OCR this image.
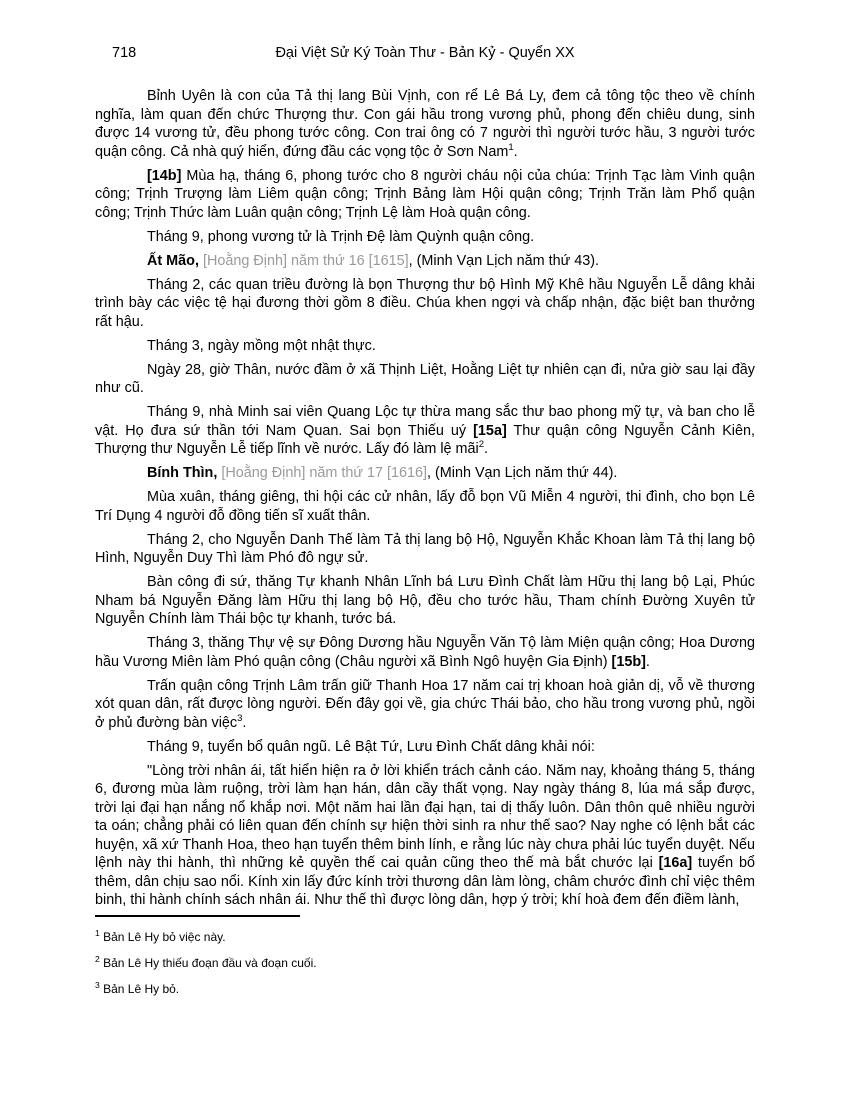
718	Đại Việt Sử Ký Toàn Thư - Bản Kỷ - Quyển XX

Bỉnh Uyên là con của Tả thị lang Bùi Vịnh, con rể Lê Bá Ly, đem cả tông tộc theo về chính nghĩa, làm quan đến chức Thượng thư. Con gái hầu trong vương phủ, phong đến chiêu dung, sinh được 14 vương tử, đều phong tước công. Con trai ông có 7 người thì người tước hầu, 3 người tước quận công. Cả nhà quý hiển, đứng đầu các vọng tộc ở Sơn Nam$^1$.

[14b] Mùa hạ, tháng 6, phong tước cho 8 người cháu nội của chúa: Trịnh Tạc làm Vinh quận công; Trịnh Trượng làm Liêm quận công; Trịnh Bảng làm Hội quận công; Trịnh Trăn làm Phổ quận công; Trịnh Thức làm Luân quận công; Trịnh Lệ làm Hoà quận công.

Tháng 9, phong vương tử là Trịnh Đệ làm Quỳnh quận công.

Ất Mão, [Hoằng Định] năm thứ 16 [1615], (Minh Vạn Lịch năm thứ 43).

Tháng 2, các quan triều đường là bọn Thượng thư bộ Hình Mỹ Khê hầu Nguyễn Lễ dâng khải trình bày các việc tệ hại đương thời gồm 8 điều. Chúa khen ngợi và chấp nhận, đặc biệt ban thưởng rất hậu.

Tháng 3, ngày mồng một nhật thực.

Ngày 28, giờ Thân, nước đầm ở xã Thịnh Liệt, Hoằng Liệt tự nhiên cạn đi, nửa giờ sau lại đầy như cũ.

Tháng 9, nhà Minh sai viên Quang Lộc tự thừa mang sắc thư bao phong mỹ tự, và ban cho lễ vật. Họ đưa sứ thần tới Nam Quan. Sai bọn Thiếu uý [15a] Thư quận công Nguyễn Cảnh Kiên, Thượng thư Nguyễn Lễ tiếp lĩnh về nước. Lấy đó làm lệ mãi$^2$.

Bính Thìn, [Hoằng Định] năm thứ 17 [1616], (Minh Vạn Lịch năm thứ 44).

Mùa xuân, tháng giêng, thi hội các cử nhân, lấy đỗ bọn Vũ Miễn 4 người, thi đình, cho bọn Lê Trí Dụng 4 người đỗ đồng tiến sĩ xuất thân.

Tháng 2, cho Nguyễn Danh Thế làm Tả thị lang bộ Hộ, Nguyễn Khắc Khoan làm Tả thị lang bộ Hình, Nguyễn Duy Thì làm Phó đô ngự sử.

Bàn công đi sứ, thăng Tự khanh Nhân Lĩnh bá Lưu Đình Chất làm Hữu thị lang bộ Lại, Phúc Nham bá Nguyễn Đăng làm Hữu thị lang bộ Hộ, đều cho tước hầu, Tham chính Đường Xuyên tử Nguyễn Chính làm Thái bộc tự khanh, tước bá.

Tháng 3, thăng Thự vệ sự Đông Dương hầu Nguyễn Văn Tộ làm Miện quận công; Hoa Dương hầu Vương Miên làm Phó quận công (Châu người xã Bình Ngô huyện Gia Định) [15b].

Trấn quận công Trịnh Lâm trấn giữ Thanh Hoa 17 năm cai trị khoan hoà giản dị, vỗ về thương xót quan dân, rất được lòng người. Đến đây gọi về, gia chức Thái bảo, cho hầu trong vương phủ, ngồi ở phủ đường bàn việc$^3$.

Tháng 9, tuyển bổ quân ngũ. Lê Bật Tứ, Lưu Đình Chất dâng khải nói:

"Lòng trời nhân ái, tất hiển hiện ra ở lời khiển trách cảnh cáo. Năm nay, khoảng tháng 5, tháng 6, đương mùa làm ruộng, trời làm hạn hán, dân cầy thất vọng. Nay ngày tháng 8, lúa má sắp được, trời lại đại hạn nắng nổ khắp nơi. Một năm hai lần đại hạn, tai dị thấy luôn. Dân thôn quê nhiều người ta oán; chẳng phải có liên quan đến chính sự hiện thời sinh ra như thế sao? Nay nghe có lệnh bắt các huyện, xã xứ Thanh Hoa, theo hạn tuyển thêm binh lính, e rằng lúc này chưa phải lúc tuyển duyệt. Nếu lệnh này thi hành, thì những kẻ quyền thế cai quản cũng theo thế mà bắt chước lại [16a] tuyển bổ thêm, dân chịu sao nổi. Kính xin lấy đức kính trời thương dân làm lòng, châm chước đình chỉ việc thêm binh, thi hành chính sách nhân ái. Như thế thì được lòng dân, hợp ý trời; khí hoà đem đến điềm lành,

$^1$ Bản Lê Hy bỏ việc này.
$^2$ Bản Lê Hy thiếu đoạn đầu và đoạn cuối.
$^3$ Bản Lê Hy bỏ.
